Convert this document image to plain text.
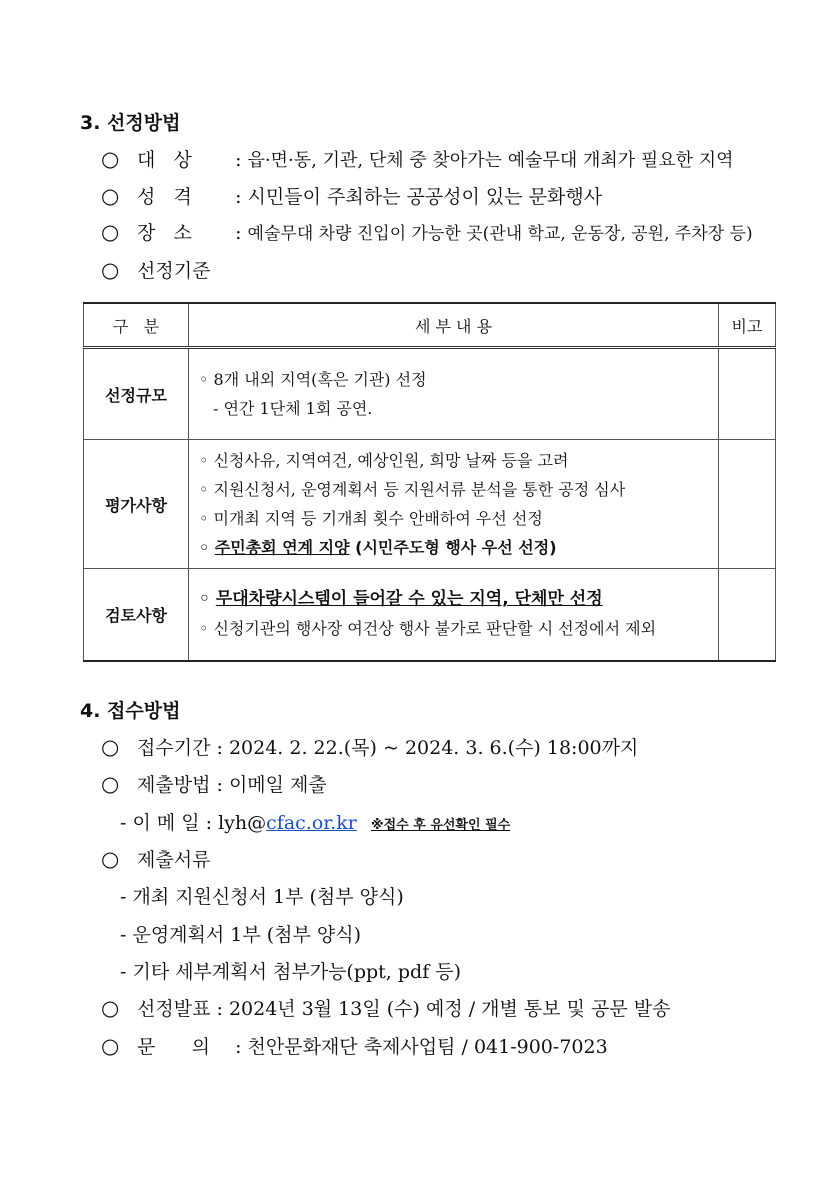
3. 선정방법
○ 대   상 : 읍·면·동, 기관, 단체 중 찾아가는 예술무대 개최가 필요한 지역
○ 성   격 : 시민들이 주최하는 공공성이 있는 문화행사
○ 장   소 : 예술무대 차량 진입이 가능한 곳(관내 학교, 운동장, 공원, 주차장 등)
○ 선정기준
구   분	세 부 내 용	비고
선정규모	◦ 8개 내외 지역(혹은 기관) 선정
- 연간 1단체 1회 공연.	

평가사항	◦ 신청사유, 지역여건, 예상인원, 희망 날짜 등을 고려
◦ 지원신청서, 운영계획서 등 지원서류 분석을 통한 공정 심사
◦ 미개최 지역 등 기개최 횟수 안배하여 우선 선정
◦ 주민총회 연계 지양 (시민주도형 행사 우선 선정)	

검토사항	◦ 무대차량시스템이 들어갈 수 있는 지역, 단체만 선정
◦ 신청기관의 행사장 여건상 행사 불가로 판단할 시 선정에서 제외	

4. 접수방법
○ 접수기간 : 2024. 2. 22.(목) ~ 2024. 3. 6.(수) 18:00까지
○ 제출방법 : 이메일 제출
- 이 메 일 : lyh@cfac.or.kr ※접수 후 유선확인 필수
○ 제출서류
- 개최 지원신청서 1부 (첨부 양식)
- 운영계획서 1부 (첨부 양식)
- 기타 세부계획서 첨부가능(ppt, pdf 등)
○ 선정발표 : 2024년 3월 13일 (수) 예정 / 개별 통보 및 공문 발송
○ 문      의 : 천안문화재단 축제사업팀 / 041-900-7023
